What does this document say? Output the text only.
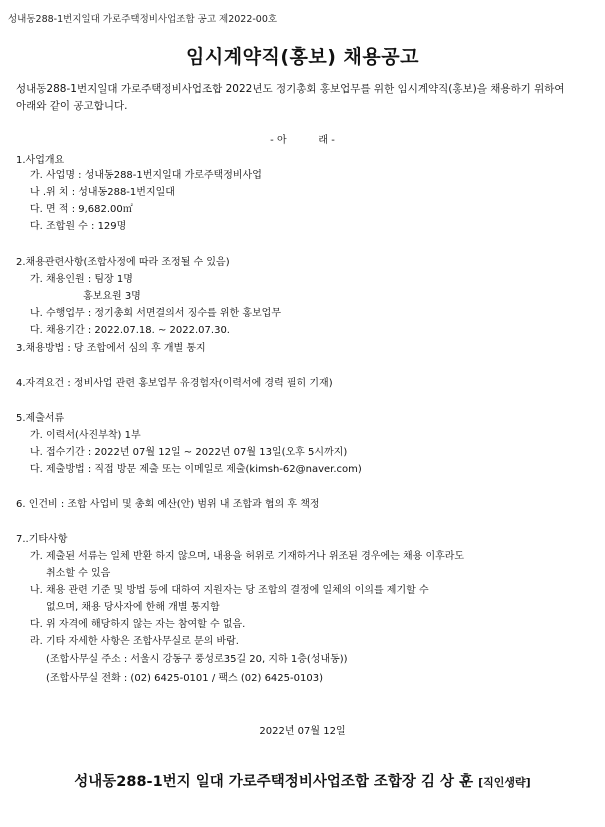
성내동288-1번지일대 가로주택정비사업조합 공고 제2022-00호
임시계약직(홍보) 채용공고
성내동288-1번지일대 가로주택정비사업조합 2022년도 정기총회 홍보업무를 위한 임시계약직(홍보)을 채용하기 위하여
아래와 같이 공고합니다.
- 아          래 -
1.사업개요
가. 사업명 : 성내동288-1번지일대 가로주택정비사업
나 .위 치 : 성내동288-1번지일대
다. 면 적 : 9,682.00㎡
다. 조합원 수 : 129명
2.채용관련사항(조합사정에 따라 조정될 수 있음)
가. 채용인원 : 팀장 1명
홍보요원 3명
나. 수행업무 : 정기총회 서면결의서 징수를 위한 홍보업무
다. 채용기간 : 2022.07.18. ~ 2022.07.30.
3.채용방법 : 당 조합에서 심의 후 개별 통지
4.자격요건 : 정비사업 관련 홍보업무 유경험자(이력서에 경력 필히 기재)
5.제출서류
가. 이력서(사진부착) 1부
나. 접수기간 : 2022년 07월 12일 ~ 2022년 07월 13일(오후 5시까지)
다. 제출방법 : 직접 방문 제출 또는 이메일로 제출(kimsh-62@naver.com)
6. 인건비 : 조합 사업비 및 총회 예산(안) 범위 내 조합과 협의 후 책정
7..기타사항
가. 제출된 서류는 일체 반환 하지 않으며, 내용을 허위로 기재하거나 위조된 경우에는 채용 이후라도
취소할 수 있음
나. 채용 관련 기준 및 방법 등에 대하여 지원자는 당 조합의 결정에 일체의 이의를 제기할 수
없으며, 채용 당사자에 한해 개별 통지함
다. 위 자격에 해당하지 않는 자는 참여할 수 없음.
라. 기타 자세한 사항은 조합사무실로 문의 바람.
(조합사무실 주소 : 서울시 강동구 풍성로35길 20, 지하 1층(성내동))
(조합사무실 전화 : (02) 6425-0101 / 팩스 (02) 6425-0103)
2022년 07월 12일
성내동288-1번지 일대 가로주택정비사업조합 조합장 김 상 훈 [직인생략]
